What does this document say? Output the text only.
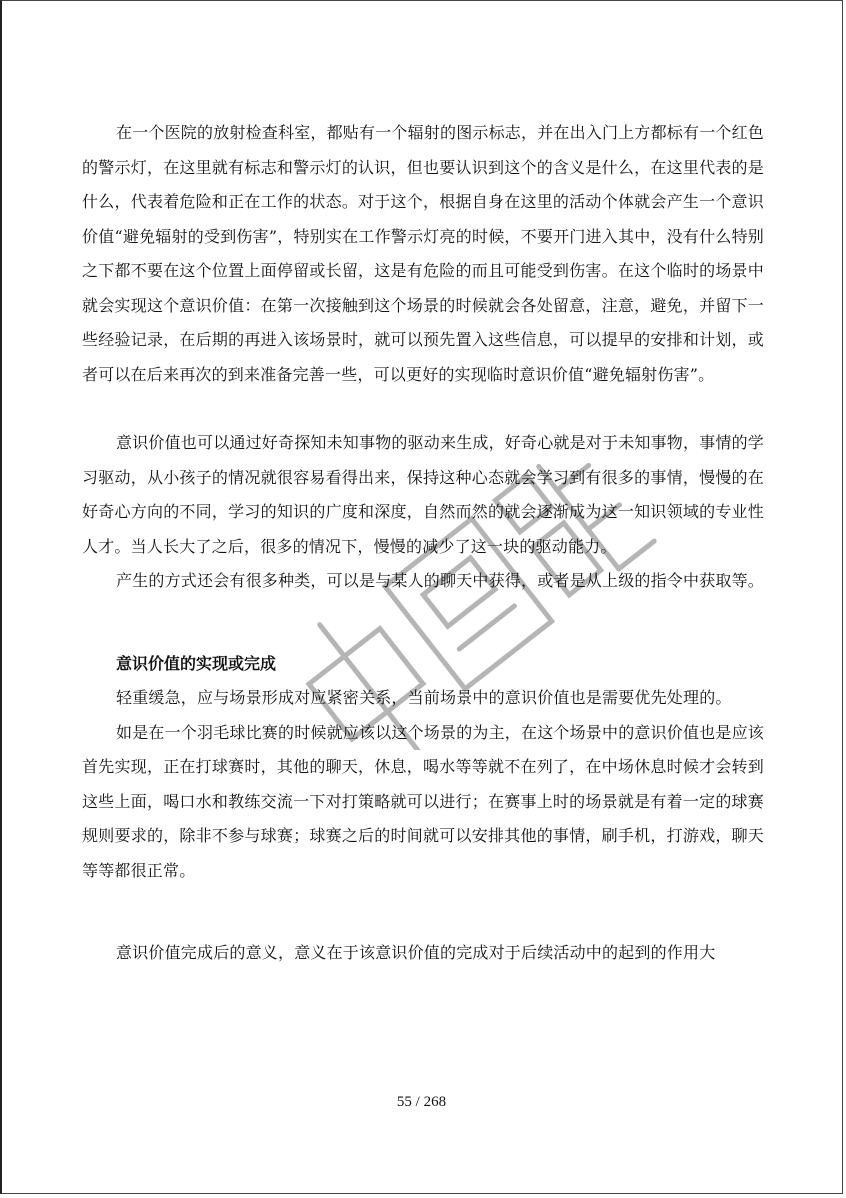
在一个医院的放射检查科室，都贴有一个辐射的图示标志，并在出入门上方都标有一个红色的警示灯，在这里就有标志和警示灯的认识，但也要认识到这个的含义是什么，在这里代表的是什么，代表着危险和正在工作的状态。对于这个，根据自身在这里的活动个体就会产生一个意识价值“避免辐射的受到伤害”，特别实在工作警示灯亮的时候，不要开门进入其中，没有什么特别之下都不要在这个位置上面停留或长留，这是有危险的而且可能受到伤害。在这个临时的场景中就会实现这个意识价值：在第一次接触到这个场景的时候就会各处留意，注意，避免，并留下一些经验记录，在后期的再进入该场景时，就可以预先置入这些信息，可以提早的安排和计划，或者可以在后来再次的到来准备完善一些，可以更好的实现临时意识价值“避免辐射伤害”。

意识价值也可以通过好奇探知未知事物的驱动来生成，好奇心就是对于未知事物，事情的学习驱动，从小孩子的情况就很容易看得出来，保持这种心态就会学习到有很多的事情，慢慢的在好奇心方向的不同，学习的知识的广度和深度，自然而然的就会逐渐成为这一知识领域的专业性人才。当人长大了之后，很多的情况下，慢慢的减少了这一块的驱动能力。

产生的方式还会有很多种类，可以是与某人的聊天中获得，或者是从上级的指令中获取等。

意识价值的实现或完成

轻重缓急，应与场景形成对应紧密关系，当前场景中的意识价值也是需要优先处理的。

如是在一个羽毛球比赛的时候就应该以这个场景的为主，在这个场景中的意识价值也是应该首先实现，正在打球赛时，其他的聊天，休息，喝水等等就不在列了，在中场休息时候才会转到这些上面，喝口水和教练交流一下对打策略就可以进行；在赛事上时的场景就是有着一定的球赛规则要求的，除非不参与球赛；球赛之后的时间就可以安排其他的事情，刷手机，打游戏，聊天等等都很正常。

意识价值完成后的意义，意义在于该意识价值的完成对于后续活动中的起到的作用大

55 / 268
